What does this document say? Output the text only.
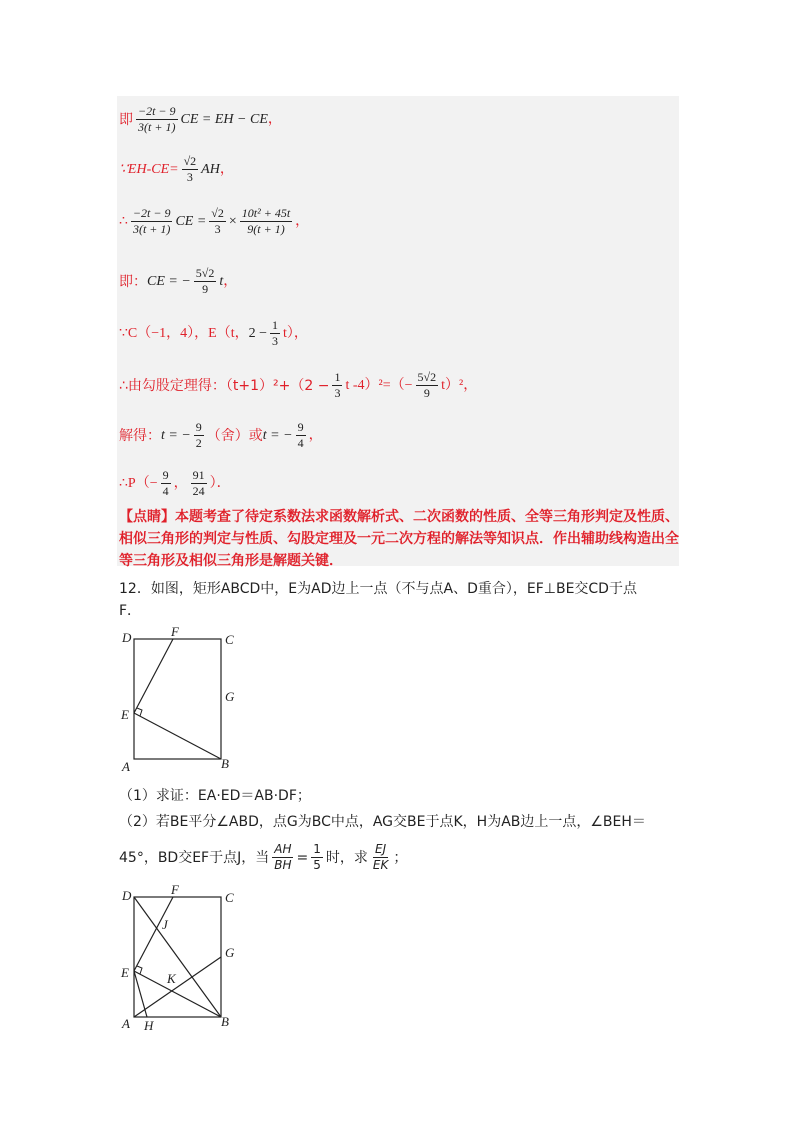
即 $\frac{-2t - 9}{3(t + 1)}$ CE = EH − CE ，
∵EH-CE= $\frac{√2}{3}$ AH ，
∴ $\frac{-2t - 9}{3(t + 1)}$ CE = $\frac{√2}{3} \times \frac{\text{10t² + 45t}}{9(t + 1)}$ ，
即： CE = − $\frac{5√2}{9}$ t ，
∵C（−1，4），E（t， $2 - \frac{1}{3} t$），
∴由勾股定理得：$(t+1)^2+(2 - \frac{1}{3}$ t $-4)^2=(- \frac{5√2}{9} t)^2$，
解得： t = − $\frac{9}{2}$ （舍）或 t = − $\frac{9}{4}$ ，
∴P（− $\frac{9}{4}$ ， $\frac{91}{24}$ ）．
【点睛】本题考查了待定系数法求函数解析式、二次函数的性质、全等三角形判定及性质、相似三角形的判定与性质、勾股定理及一元二次方程的解法等知识点．作出辅助线构造出全等三角形及相似三角形是解题关键．
12．如图，矩形ABCD中，E为AD边上一点（不与点A、D重合），EF⊥BE交CD于点
F．
D	F
C
G
E
A	B
（1）求证：EA·ED＝AB·DF；
（2）若BE平分∠ABD，点G为BC中点，AG交BE于点K，H为AB边上一点，∠BEH＝
45°，BD交EF于点J，当 $\frac{AH}{BH} = \frac{1}{5}$ 时，求 $\frac{EJ}{EK}$ ；
D	F
C
J
G
E	K
A H	B
